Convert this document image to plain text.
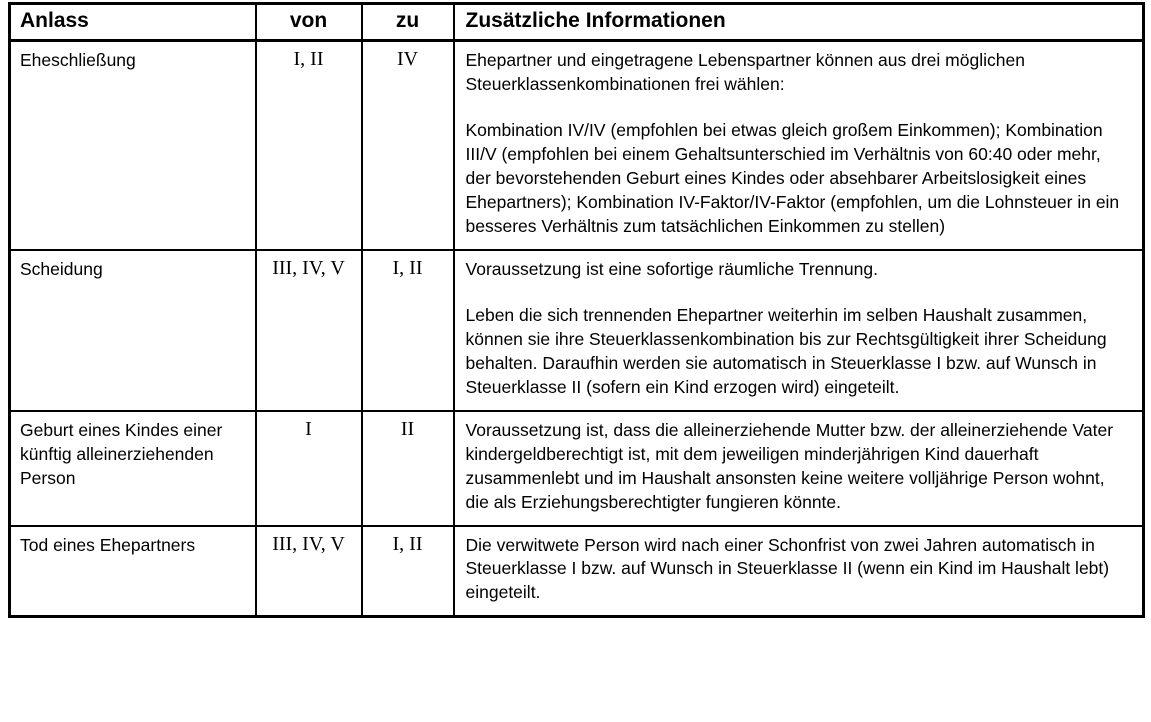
Anlass	von	zu	Zusätzliche Informationen
Eheschließung	I, II	IV	Ehepartner und eingetragene Lebenspartner können aus drei möglichen Steuerklassenkombinationen frei wählen:

Kombination IV/IV (empfohlen bei etwas gleich großem Einkommen); Kombination III/V (empfohlen bei einem Gehaltsunterschied im Verhältnis von 60:40 oder mehr, der bevorstehenden Geburt eines Kindes oder absehbarer Arbeitslosigkeit eines Ehepartners); Kombination IV-Faktor/IV-Faktor (empfohlen, um die Lohnsteuer in ein besseres Verhältnis zum tatsächlichen Einkommen zu stellen)

Scheidung	III, IV, V	I, II	Voraussetzung ist eine sofortige räumliche Trennung.

Leben die sich trennenden Ehepartner weiterhin im selben Haushalt zusammen, können sie ihre Steuerklassenkombination bis zur Rechtsgültigkeit ihrer Scheidung behalten. Daraufhin werden sie automatisch in Steuerklasse I bzw. auf Wunsch in Steuerklasse II (sofern ein Kind erzogen wird) eingeteilt.

Geburt eines Kindes einer künftig alleinerziehenden Person	I	II	Voraussetzung ist, dass die alleinerziehende Mutter bzw. der alleinerziehende Vater kindergeldberechtigt ist, mit dem jeweiligen minderjährigen Kind dauerhaft zusammenlebt und im Haushalt ansonsten keine weitere volljährige Person wohnt, die als Erziehungsberechtigter fungieren könnte.

Tod eines Ehepartners	III, IV, V	I, II	Die verwitwete Person wird nach einer Schonfrist von zwei Jahren automatisch in Steuerklasse I bzw. auf Wunsch in Steuerklasse II (wenn ein Kind im Haushalt lebt) eingeteilt.
